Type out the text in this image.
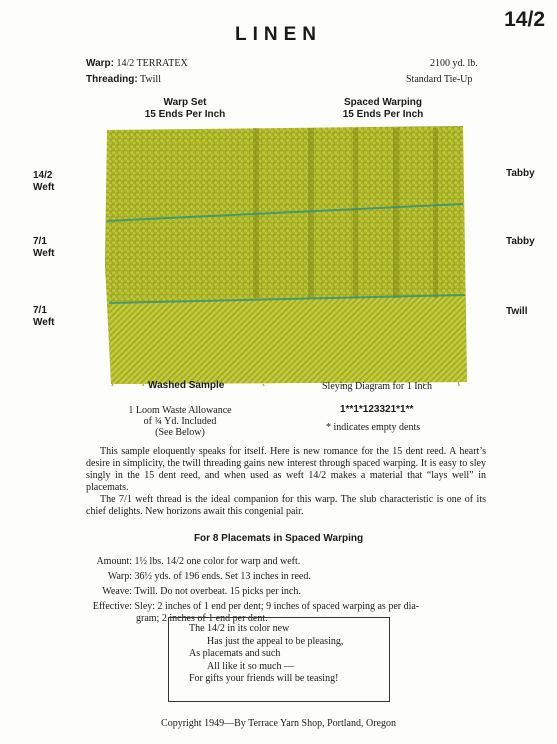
14/2
LINEN
Warp: 14/2 TERRATEX	2100 yd. lb.
Threading: Twill	Standard Tie-Up
Warp Set
15 Ends Per Inch
Spaced Warping
15 Ends Per Inch
14/2
Weft
7/1
Weft
7/1
Weft
Tabby
Tabby
Twill
Washed Sample	Sleying Diagram for 1 Inch
1 Loom Waste Allowance
of ¾ Yd. Included
(See Below)
1**1*123321*1**
* indicates empty dents
This sample eloquently speaks for itself. Here is new romance for the 15 dent reed. A heart’s desire in simplicity, the twill threading gains new interest through spaced warping. It is easy to sley singly in the 15 dent reed, and when used as weft 14/2 makes a material that “lays well” in placemats.
The 7/1 weft thread is the ideal companion for this warp. The slub characteristic is one of its chief delights. New horizons await this congenial pair.
For 8 Placemats in Spaced Warping
Amount: 1½ lbs. 14/2 one color for warp and weft.
Warp: 36½ yds. of 196 ends. Set 13 inches in reed.
Weave: Twill. Do not overbeat. 15 picks per inch.
Effective: Sley: 2 inches of 1 end per dent; 9 inches of spaced warping as per dia-
gram; 2 inches of 1 end per dent.
The 14/2 in its color new
Has just the appeal to be pleasing,
As placemats and such
All like it so much —
For gifts your friends will be teasing!
Copyright 1949—By Terrace Yarn Shop, Portland, Oregon
